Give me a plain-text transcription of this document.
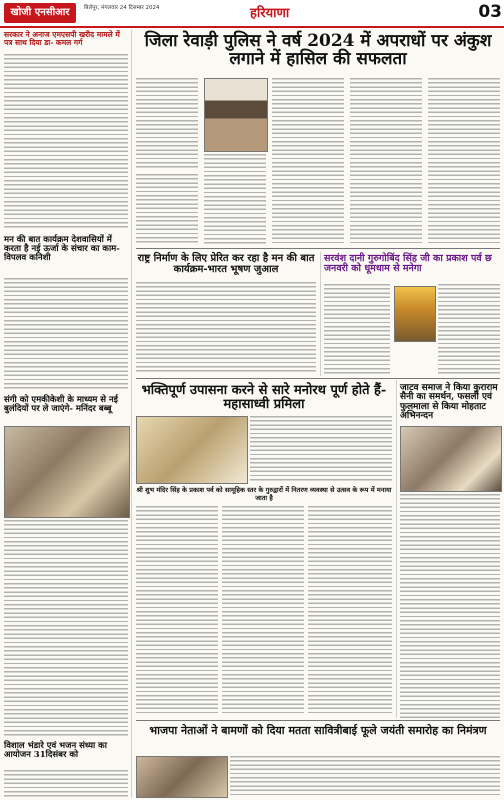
खोजी एनसीआर	बिलेपुर, मंगलवार 24 दिसम्बर 2024	हरियाणा	03
सरकार ने अनाज एमएसपी खरीद मामले में पत्र साथ दिया डा- कमल गर्ग
मन की बात कार्यक्रम देशवासियों में करता है नई ऊर्जा के संचार का काम-विपलव कनिशी
संगी को एमकीकेशी के माध्यम से नई बुलंदियों पर ले जाएंगे- मनिंदर बब्बू
विशाल भंडारे एवं भजन संध्या का आयोजन 31दिसंबर को
जिला रेवाड़ी पुलिस ने वर्ष 2024 में अपराधों पर अंकुश लगाने में हासिल की सफलता
राष्ट्र निर्माण के लिए प्रेरित कर रहा है मन की बात कार्यक्रम-भारत भूषण जुआल
सरवंश दानी गुरुगोबिंद सिंह जी का प्रकाश पर्व छ जनवरी को धूमधाम से मनेगा
भक्तिपूर्ण उपासना करने से सारे मनोरथ पूर्ण होते हैं-महासाध्वी प्रमिला
श्री शुभ मंदिर सिंह के प्रकाश पर्व को सामूहिक स्तर के गुरुद्वारों में नितरण व्यवस्था से उत्सव के रूप में मनाया जाता है
जाटव समाज ने किया कुराराम सैनी का समर्थन, फसली एवं फुलमाला से किया मोहताट अभिनन्दन
भाजपा नेताओं ने बामणों को दिया मतता सावित्रीबाई फूले जयंती समारोह का निमंत्रण
